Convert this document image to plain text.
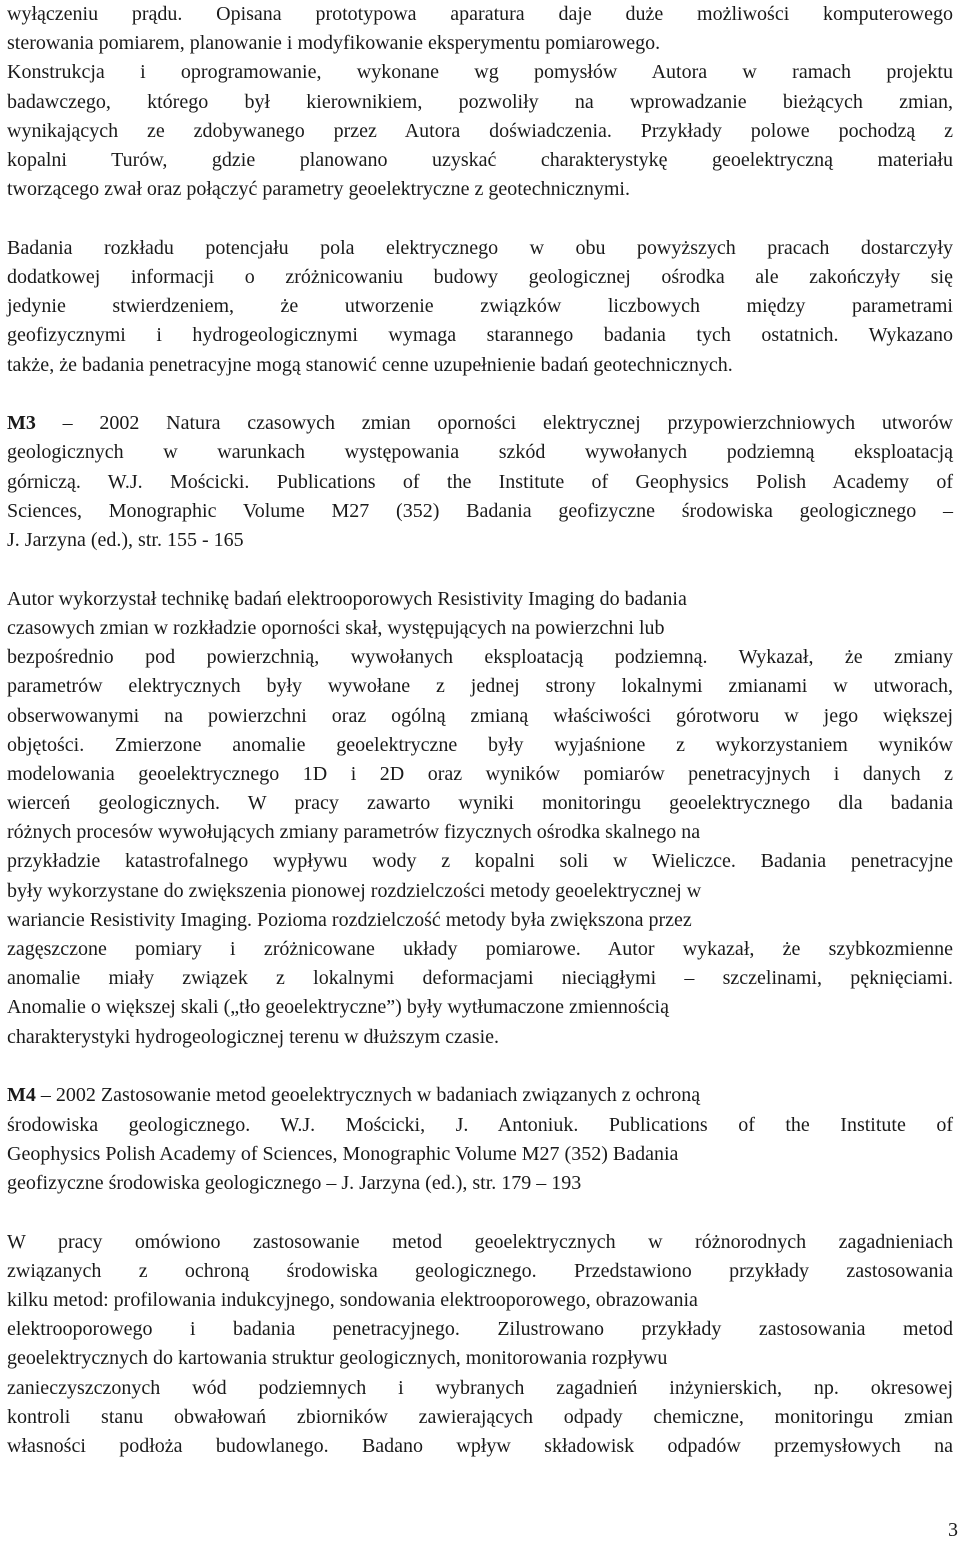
wyłączeniu prądu. Opisana prototypowa aparatura daje duże możliwości komputerowego
sterowania pomiarem, planowanie i modyfikowanie eksperymentu pomiarowego.
Konstrukcja i oprogramowanie, wykonane wg pomysłów Autora w ramach projektu
badawczego, którego był kierownikiem, pozwoliły na wprowadzanie bieżących zmian,
wynikających ze zdobywanego przez Autora doświadczenia. Przykłady polowe pochodzą z
kopalni Turów, gdzie planowano uzyskać charakterystykę geoelektryczną materiału
tworzącego zwał oraz połączyć parametry geoelektryczne z geotechnicznymi.
Badania rozkładu potencjału pola elektrycznego w obu powyższych pracach dostarczyły
dodatkowej informacji o zróżnicowaniu budowy geologicznej ośrodka ale zakończyły się
jedynie stwierdzeniem, że utworzenie związków liczbowych między parametrami
geofizycznymi i hydrogeologicznymi wymaga starannego badania tych ostatnich. Wykazano
także, że badania penetracyjne mogą stanowić cenne uzupełnienie badań geotechnicznych.
M3 – 2002 Natura czasowych zmian oporności elektrycznej przypowierzchniowych utworów
geologicznych w warunkach występowania szkód wywołanych podziemną eksploatacją
górniczą. W.J. Mościcki. Publications of the Institute of Geophysics Polish Academy of
Sciences, Monographic Volume M27 (352) Badania geofizyczne środowiska geologicznego –
J. Jarzyna (ed.), str. 155 - 165
Autor wykorzystał technikę badań elektrooporowych Resistivity Imaging do badania
czasowych zmian w rozkładzie oporności skał, występujących na powierzchni lub
bezpośrednio pod powierzchnią, wywołanych eksploatacją podziemną. Wykazał, że zmiany
parametrów elektrycznych były wywołane z jednej strony lokalnymi zmianami w utworach,
obserwowanymi na powierzchni oraz ogólną zmianą właściwości górotworu w jego większej
objętości. Zmierzone anomalie geoelektryczne były wyjaśnione z wykorzystaniem wyników
modelowania geoelektrycznego 1D i 2D oraz wyników pomiarów penetracyjnych i danych z
wierceń geologicznych. W pracy zawarto wyniki monitoringu geoelektrycznego dla badania
różnych procesów wywołujących zmiany parametrów fizycznych ośrodka skalnego na
przykładzie katastrofalnego wypływu wody z kopalni soli w Wieliczce. Badania penetracyjne
były wykorzystane do zwiększenia pionowej rozdzielczości metody geoelektrycznej w
wariancie Resistivity Imaging. Pozioma rozdzielczość metody była zwiększona przez
zagęszczone pomiary i zróżnicowane układy pomiarowe. Autor wykazał, że szybkozmienne
anomalie miały związek z lokalnymi deformacjami nieciągłymi – szczelinami, pęknięciami.
Anomalie o większej skali („tło geoelektryczne”) były wytłumaczone zmiennością
charakterystyki hydrogeologicznej terenu w dłuższym czasie.
M4 – 2002 Zastosowanie metod geoelektrycznych w badaniach związanych z ochroną
środowiska geologicznego. W.J. Mościcki, J. Antoniuk. Publications of the Institute of
Geophysics Polish Academy of Sciences, Monographic Volume M27 (352) Badania
geofizyczne środowiska geologicznego – J. Jarzyna (ed.), str. 179 – 193
W pracy omówiono zastosowanie metod geoelektrycznych w różnorodnych zagadnieniach
związanych z ochroną środowiska geologicznego. Przedstawiono przykłady zastosowania
kilku metod: profilowania indukcyjnego, sondowania elektrooporowego, obrazowania
elektrooporowego i badania penetracyjnego. Zilustrowano przykłady zastosowania metod
geoelektrycznych do kartowania struktur geologicznych, monitorowania rozpływu
zanieczyszczonych wód podziemnych i wybranych zagadnień inżynierskich, np. okresowej
kontroli stanu obwałowań zbiorników zawierających odpady chemiczne, monitoringu zmian
własności podłoża budowlanego. Badano wpływ składowisk odpadów przemysłowych na
3
